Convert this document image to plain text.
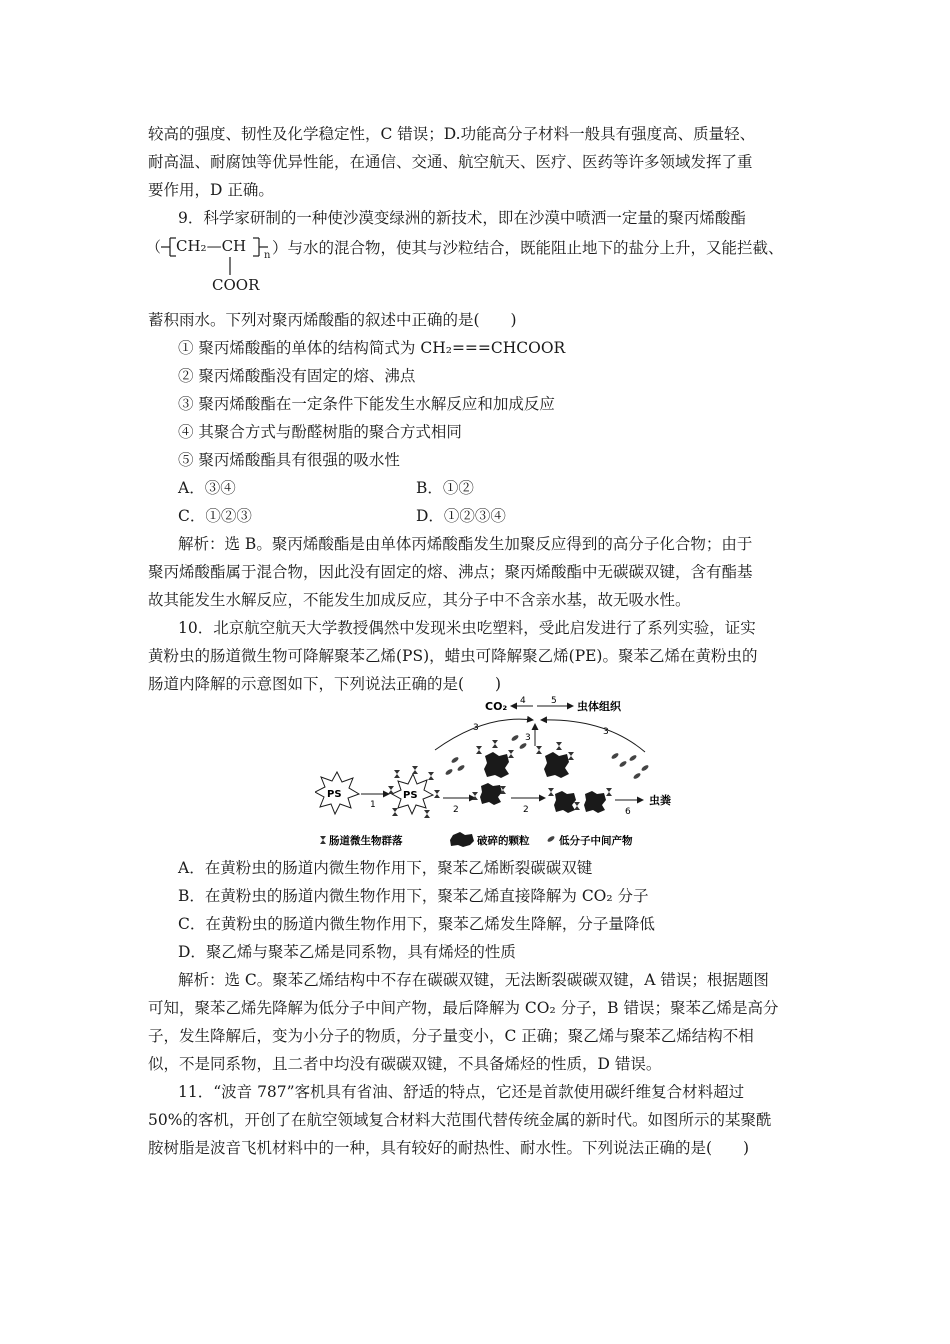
较高的强度、韧性及化学稳定性，C 错误；D.功能高分子材料一般具有强度高、质量轻、
耐高温、耐腐蚀等优异性能，在通信、交通、航空航天、医疗、医药等许多领域发挥了重
要作用，D 正确。
9．科学家研制的一种使沙漠变绿洲的新技术，即在沙漠中喷洒一定量的聚丙烯酸酯
（ CH₂—CH
n
COOR
）与水的混合物，使其与沙粒结合，既能阻止地下的盐分上升，又能拦截、
蓄积雨水。下列对聚丙烯酸酯的叙述中正确的是(　　)
① 聚丙烯酸酯的单体的结构简式为 CH₂===CHCOOR
② 聚丙烯酸酯没有固定的熔、沸点
③ 聚丙烯酸酯在一定条件下能发生水解反应和加成反应
④ 其聚合方式与酚醛树脂的聚合方式相同
⑤ 聚丙烯酸酯具有很强的吸水性
A．③④	B．①②
C．①②③	D．①②③④
解析：选 B。聚丙烯酸酯是由单体丙烯酸酯发生加聚反应得到的高分子化合物；由于
聚丙烯酸酯属于混合物，因此没有固定的熔、沸点；聚丙烯酸酯中无碳碳双键，含有酯基
故其能发生水解反应，不能发生加成反应，其分子中不含亲水基，故无吸水性。
10．北京航空航天大学教授偶然中发现米虫吃塑料，受此启发进行了系列实验，证实
黄粉虫的肠道微生物可降解聚苯乙烯(PS)，蜡虫可降解聚乙烯(PE)。聚苯乙烯在黄粉虫的
肠道内降解的示意图如下，下列说法正确的是(　　)
CO₂ 4	5 虫体组织
3
3
3
PS
1
PS
2	2	6
虫粪
肠道微生物群落	破碎的颗粒	低分子中间产物
A．在黄粉虫的肠道内微生物作用下，聚苯乙烯断裂碳碳双键
B．在黄粉虫的肠道内微生物作用下，聚苯乙烯直接降解为 CO₂ 分子
C．在黄粉虫的肠道内微生物作用下，聚苯乙烯发生降解，分子量降低
D．聚乙烯与聚苯乙烯是同系物，具有烯烃的性质
解析：选 C。聚苯乙烯结构中不存在碳碳双键，无法断裂碳碳双键，A 错误；根据题图
可知，聚苯乙烯先降解为低分子中间产物，最后降解为 CO₂ 分子，B 错误；聚苯乙烯是高分
子，发生降解后，变为小分子的物质，分子量变小，C 正确；聚乙烯与聚苯乙烯结构不相
似，不是同系物，且二者中均没有碳碳双键，不具备烯烃的性质，D 错误。
11．“波音 787”客机具有省油、舒适的特点，它还是首款使用碳纤维复合材料超过
50%的客机，开创了在航空领域复合材料大范围代替传统金属的新时代。如图所示的某聚酰
胺树脂是波音飞机材料中的一种，具有较好的耐热性、耐水性。下列说法正确的是(　　)
